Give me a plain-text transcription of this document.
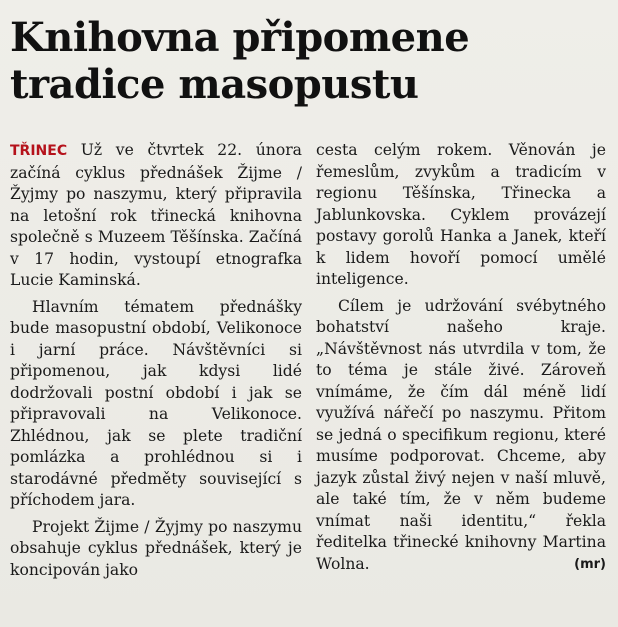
Knihovna připomene tradice masopustu

TŘINEC Už ve čtvrtek 22. února začíná cyklus přednášek Žijme / Žyjmy po naszymu, který připravila na letošní rok třinecká knihovna společně s Muzeem Těšínska. Začíná v 17 hodin, vystoupí etnografka Lucie Kaminská.

Hlavním tématem přednášky bude masopustní období, Velikonoce i jarní práce. Návštěvníci si připomenou, jak kdysi lidé dodržovali postní období i jak se připravovali na Velikonoce. Zhlédnou, jak se plete tradiční pomlázka a prohlédnou si i starodávné předměty související s příchodem jara.

Projekt Žijme / Žyjmy po naszymu obsahuje cyklus přednášek, který je koncipován jako

cesta celým rokem. Věnován je řemeslům, zvykům a tradicím v regionu Těšínska, Třinecka a Jablunkovska. Cyklem provázejí postavy gorolů Hanka a Janek, kteří k lidem hovoří pomocí umělé inteligence.

Cílem je udržování svébytného bohatství našeho kraje. „Návštěvnost nás utvrdila v tom, že to téma je stále živé. Zároveň vnímáme, že čím dál méně lidí využívá nářečí po naszymu. Přitom se jedná o specifikum regionu, které musíme podporovat. Chceme, aby jazyk zůstal živý nejen v naší mluvě, ale také tím, že v něm budeme vnímat naši identitu,“ řekla ředitelka třinecké knihovny Martina Wolna.	(mr)
